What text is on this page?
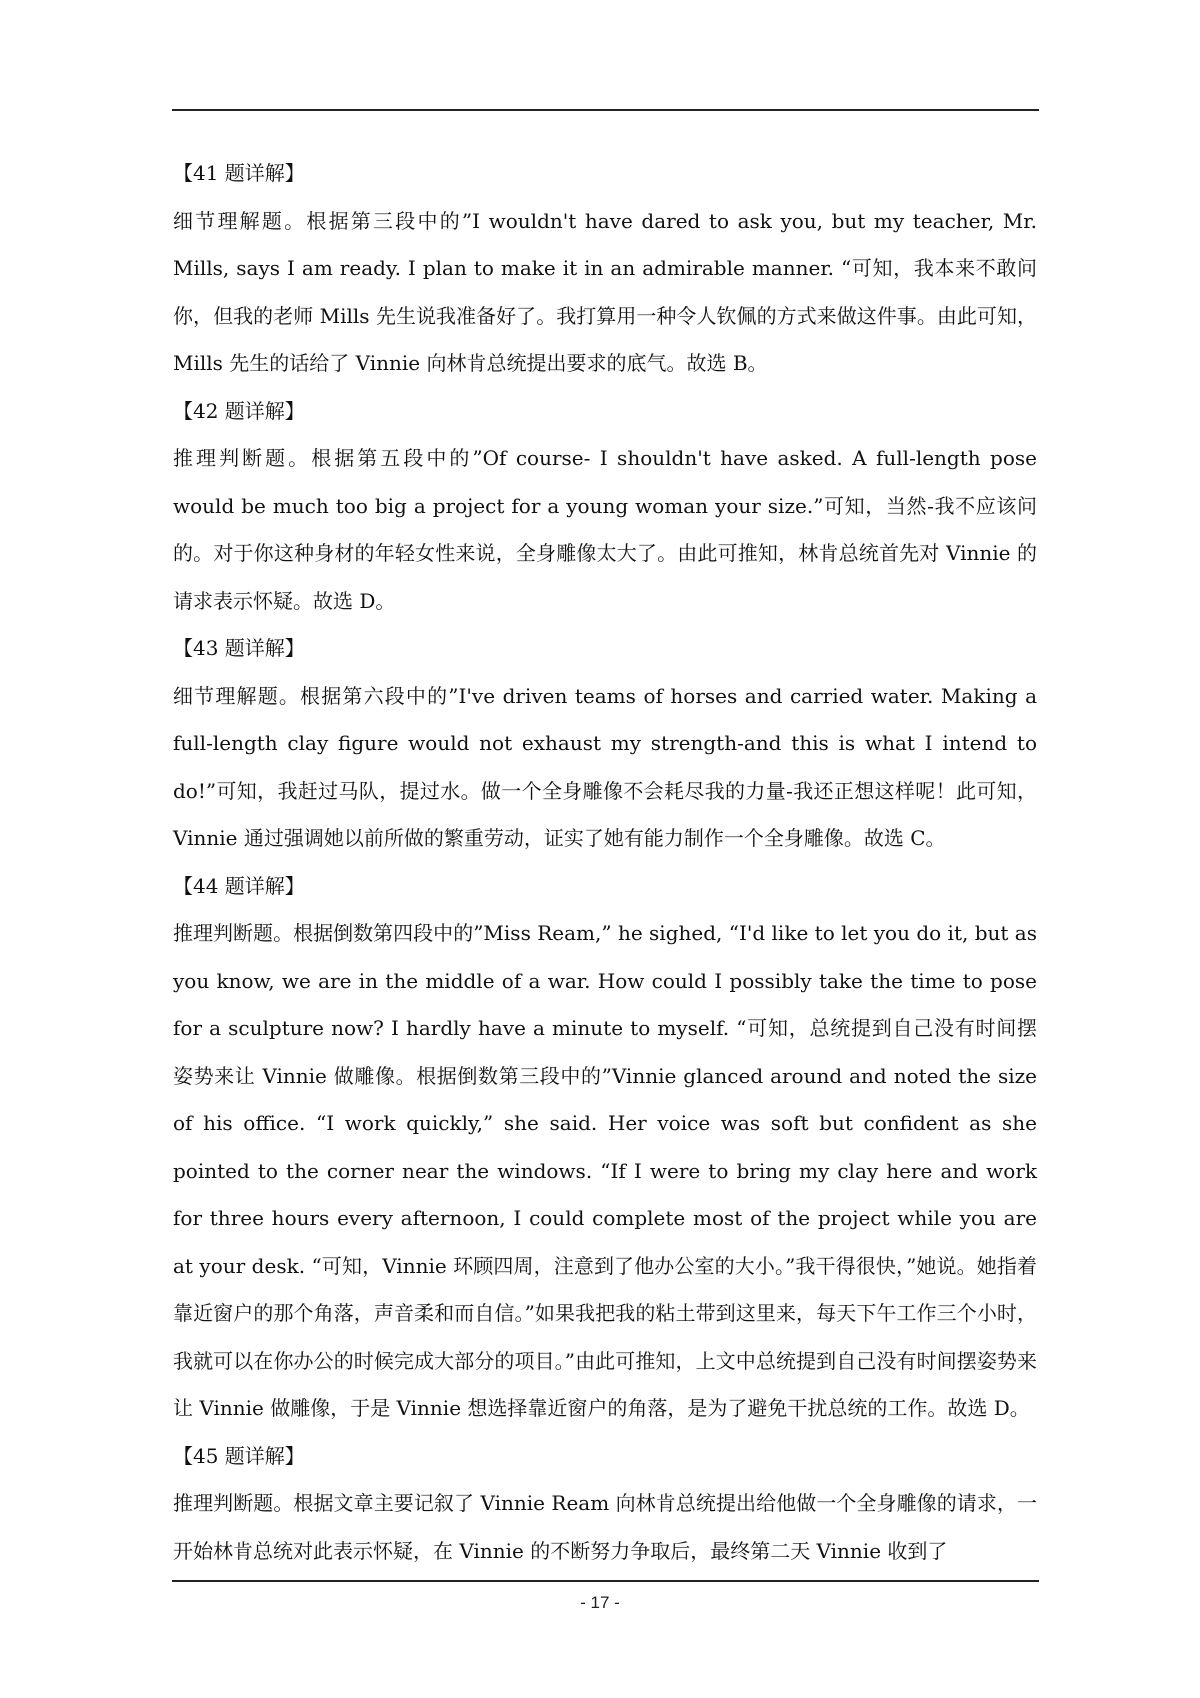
【41 题详解】

细节理解题。根据第三段中的”I wouldn't have dared to ask you, but my teacher, Mr. Mills, says I am ready. I plan to make it in an admirable manner. “可知，我本来不敢问你，但我的老师 Mills 先生说我准备好了。我打算用一种令人钦佩的方式来做这件事。由此可知，Mills 先生的话给了 Vinnie 向林肯总统提出要求的底气。故选 B。

【42 题详解】

推理判断题。根据第五段中的”Of course- I shouldn't have asked. A full-length pose would be much too big a project for a young woman your size.”可知，当然-我不应该问的。对于你这种身材的年轻女性来说，全身雕像太大了。由此可推知，林肯总统首先对 Vinnie 的请求表示怀疑。故选 D。

【43 题详解】

细节理解题。根据第六段中的”I've driven teams of horses and carried water. Making a full-length clay figure would not exhaust my strength-and this is what I intend to do!”可知，我赶过马队，提过水。做一个全身雕像不会耗尽我的力量-我还正想这样呢！此可知，Vinnie 通过强调她以前所做的繁重劳动，证实了她有能力制作一个全身雕像。故选 C。

【44 题详解】

推理判断题。根据倒数第四段中的”Miss Ream,” he sighed, “I'd like to let you do it, but as you know, we are in the middle of a war. How could I possibly take the time to pose for a sculpture now? I hardly have a minute to myself. “可知，总统提到自己没有时间摆姿势来让 Vinnie 做雕像。根据倒数第三段中的”Vinnie glanced around and noted the size of his office. “I work quickly,” she said. Her voice was soft but confident as she pointed to the corner near the windows. “If I were to bring my clay here and work for three hours every afternoon, I could complete most of the project while you are at your desk. “可知，Vinnie 环顾四周，注意到了他办公室的大小。”我干得很快，”她说。她指着靠近窗户的那个角落，声音柔和而自信。”如果我把我的粘土带到这里来，每天下午工作三个小时，我就可以在你办公的时候完成大部分的项目。”由此可推知，上文中总统提到自己没有时间摆姿势来让 Vinnie 做雕像，于是 Vinnie 想选择靠近窗户的角落，是为了避免干扰总统的工作。故选 D。

【45 题详解】

推理判断题。根据文章主要记叙了 Vinnie Ream 向林肯总统提出给他做一个全身雕像的请求，一开始林肯总统对此表示怀疑，在 Vinnie 的不断努力争取后，最终第二天 Vinnie 收到了

- 17 -
